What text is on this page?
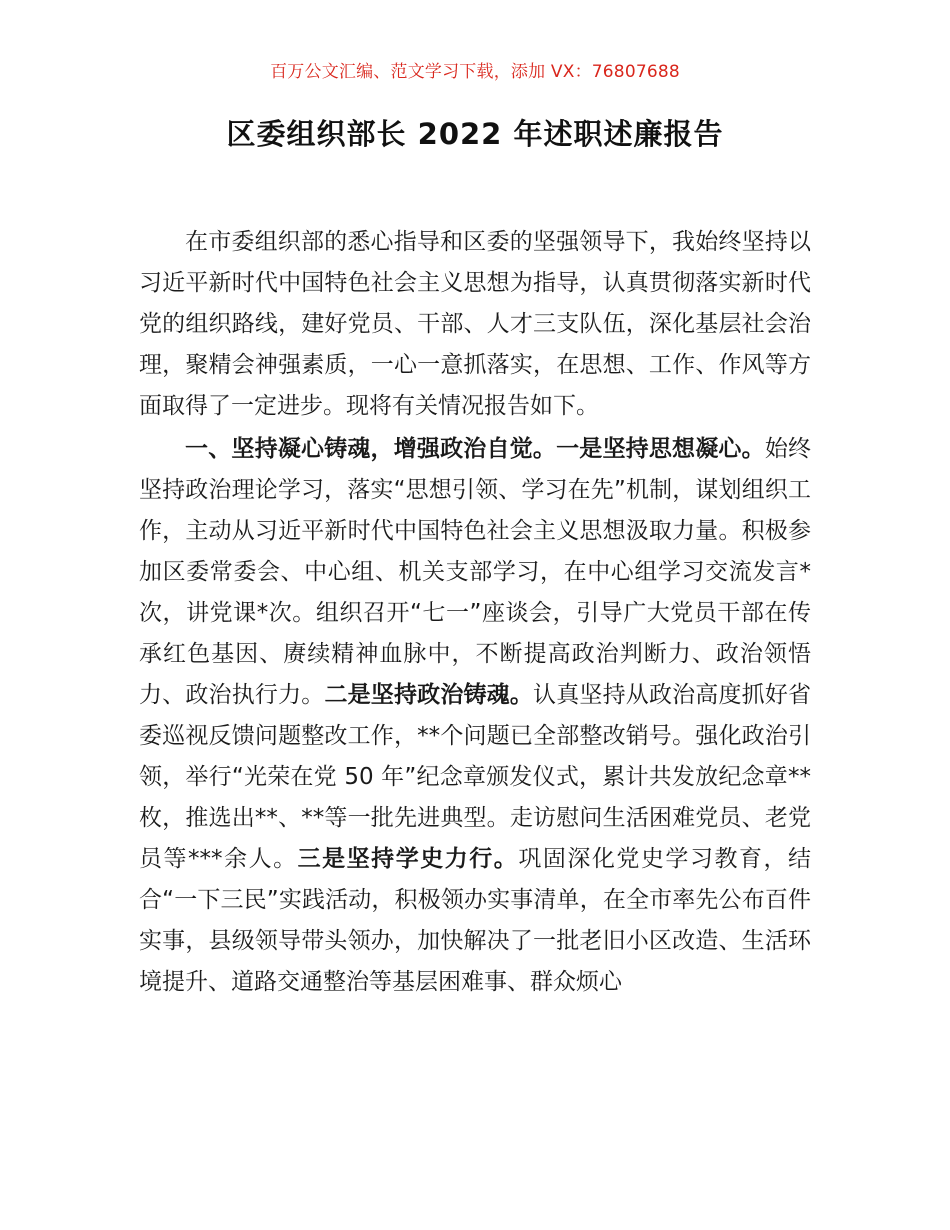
百万公文汇编、范文学习下载，添加 VX：76807688
区委组织部长 2022 年述职述廉报告

在市委组织部的悉心指导和区委的坚强领导下，我始终坚持以习近平新时代中国特色社会主义思想为指导，认真贯彻落实新时代党的组织路线，建好党员、干部、人才三支队伍，深化基层社会治理，聚精会神强素质，一心一意抓落实，在思想、工作、作风等方面取得了一定进步。现将有关情况报告如下。

一、坚持凝心铸魂，增强政治自觉。一是坚持思想凝心。始终坚持政治理论学习，落实“思想引领、学习在先”机制，谋划组织工作，主动从习近平新时代中国特色社会主义思想汲取力量。积极参加区委常委会、中心组、机关支部学习，在中心组学习交流发言*次，讲党课*次。组织召开“七一”座谈会，引导广大党员干部在传承红色基因、赓续精神血脉中，不断提高政治判断力、政治领悟力、政治执行力。二是坚持政治铸魂。认真坚持从政治高度抓好省委巡视反馈问题整改工作，**个问题已全部整改销号。强化政治引领，举行“光荣在党 50 年”纪念章颁发仪式，累计共发放纪念章**枚，推选出**、**等一批先进典型。走访慰问生活困难党员、老党员等***余人。三是坚持学史力行。巩固深化党史学习教育，结合“一下三民”实践活动，积极领办实事清单，在全市率先公布百件实事，县级领导带头领办，加快解决了一批老旧小区改造、生活环境提升、道路交通整治等基层困难事、群众烦心
